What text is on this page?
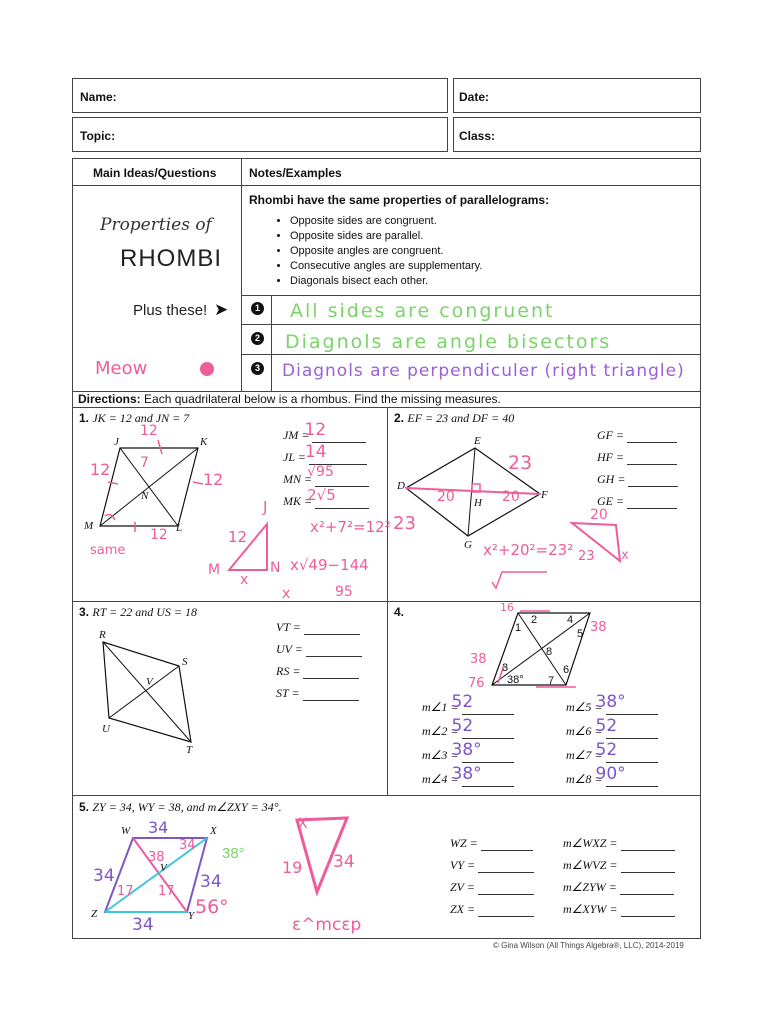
Name:	Date:
Topic:	Class:
Main Ideas/Questions	Notes/Examples
Properties of
RHOMBI
Plus these! ➤
Meow
Rhombi have the same properties of parallelograms:
• Opposite sides are congruent.
• Opposite sides are parallel.
• Opposite angles are congruent.
• Consecutive angles are supplementary.
• Diagonals bisect each other.
1 All sides are congruent
2 Diagnols are angle bisectors
3 Diagnols are perpendiculer (right triangle)
Directions: Each quadrilateral below is a rhombus. Find the missing measures.
1. JK = 12 and JN = 7
JM =
12
JL = 14
MN =
√95
MK =
2√5
J	K
L
M
N
12
7
12
12
12
same
12
J
M	N
x
x²+7²=12²
x√49−144
x	95
2. EF = 23 and DF = 40
GF =
HF =
GH =
GE =
E
D
F
H
G
23
20	20
23
x²+20²=23²
20
23 x
3. RT = 22 and US = 18
VT =
UV =
RS =
ST =
R
S
V
U
T
4.
1
2
3
4
5
6
7
8
38°
16
38
76
38
m∠1 =
52
m∠2 =
52
m∠3 =
38°
m∠4 =
38°
m∠5 =
38°
m∠6 =
52
m∠7 =
52
m∠8 =
90°
5. ZY = 34, WY = 38, and m∠ZXY = 34°.
W	X
V
Z	Y
34
34	34
34
38
17 17
34 38°
56°
X
19 34
ε^mcεp
WZ =
VY =
ZV =
ZX =
m∠WXZ =
m∠WVZ =
m∠ZYW =
m∠XYW =
© Gina Wilson (All Things Algebra®, LLC), 2014-2019
